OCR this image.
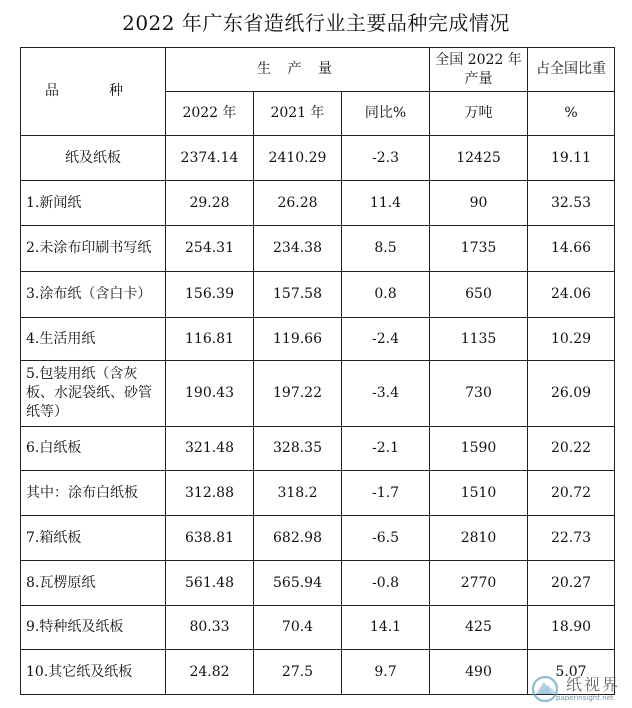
2022 年广东省造纸行业主要品种完成情况
品　种	生 产 量			全国 2022 年产量	占全国比重
	2022 年	2021 年	同比%	万吨	%
纸及纸板	2374.14	2410.29	-2.3	12425	19.11
1.新闻纸	29.28	26.28	11.4	90	32.53
2.未涂布印刷书写纸	254.31	234.38	8.5	1735	14.66
3.涂布纸（含白卡）	156.39	157.58	0.8	650	24.06
4.生活用纸	116.81	119.66	-2.4	1135	10.29
5.包装用纸（含灰板、水泥袋纸、砂管纸等）	190.43	197.22	-3.4	730	26.09
6.白纸板	321.48	328.35	-2.1	1590	20.22
其中：涂布白纸板	312.88	318.2	-1.7	1510	20.72
7.箱纸板	638.81	682.98	-6.5	2810	22.73
8.瓦楞原纸	561.48	565.94	-0.8	2770	20.27
9.特种纸及纸板	80.33	70.4	14.1	425	18.90
10.其它纸及纸板	24.82	27.5	9.7	490	5.07
纸视界
paperinsight.net
